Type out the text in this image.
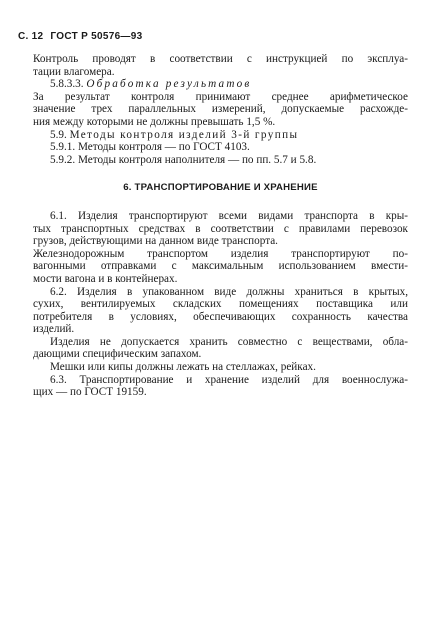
С. 12 ГОСТ Р 50576—93

Контроль проводят в соответствии с инструкцией по эксплуа-

тации влагомера.

5.8.3.3. Обработка результатов

За результат контроля принимают среднее арифметическое

значение трех параллельных измерений, допускаемые расхожде-

ния между которыми не должны превышать 1,5 %.

5.9. Методы контроля изделий 3-й группы

5.9.1. Методы контроля — по ГОСТ 4103.

5.9.2. Методы контроля наполнителя — по пп. 5.7 и 5.8.

6. ТРАНСПОРТИРОВАНИЕ И ХРАНЕНИЕ

6.1. Изделия транспортируют всеми видами транспорта в кры-

тых транспортных средствах в соответствии с правилами перевозок

грузов, действующими на данном виде транспорта.

Железнодорожным транспортом изделия транспортируют по-

вагонными отправками с максимальным использованием вмести-

мости вагона и в контейнерах.

6.2. Изделия в упакованном виде должны храниться в крытых,

сухих, вентилируемых складских помещениях поставщика или

потребителя в условиях, обеспечивающих сохранность качества

изделий.

Изделия не допускается хранить совместно с веществами, обла-

дающими специфическим запахом.

Мешки или кипы должны лежать на стеллажах, рейках.

6.3. Транспортирование и хранение изделий для военнослужа-

щих — по ГОСТ 19159.
